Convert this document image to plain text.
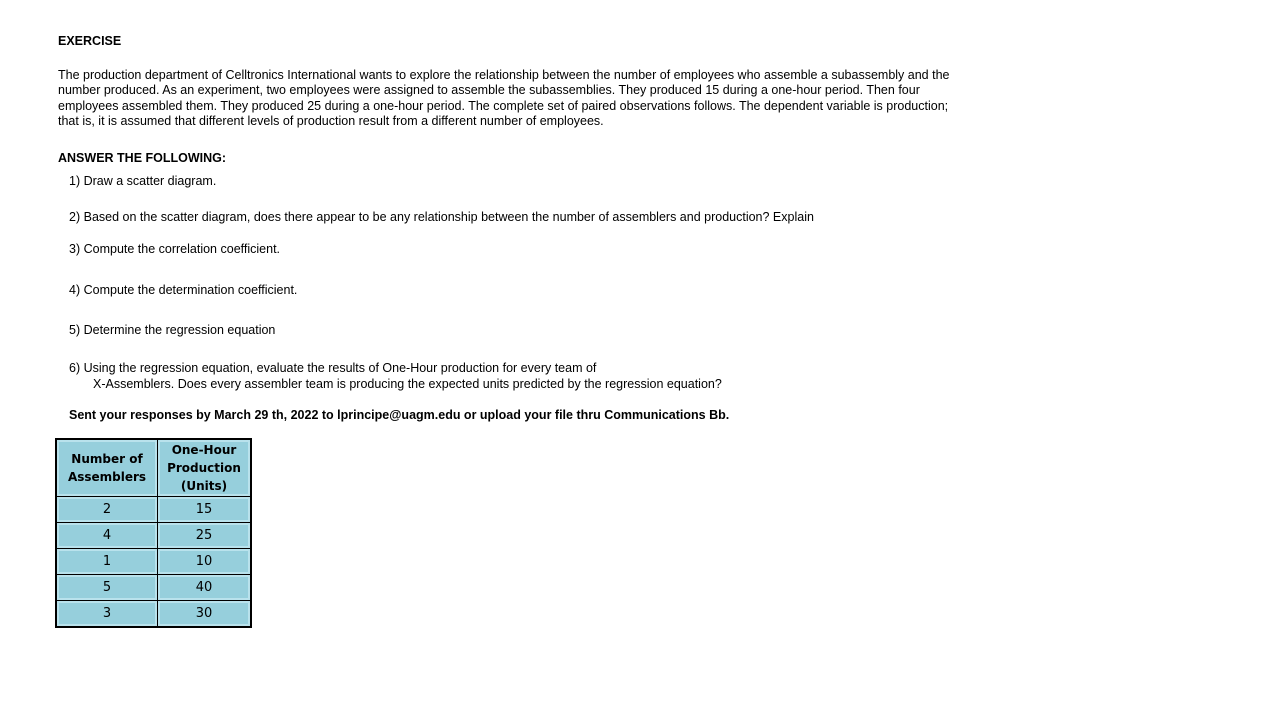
EXERCISE

The production department of Celltronics International wants to explore the relationship between the number of employees who assemble a subassembly and the number produced. As an experiment, two employees were assigned to assemble the subassemblies. They produced 15 during a one-hour period. Then four employees assembled them. They produced 25 during a one-hour period. The complete set of paired observations follows. The dependent variable is production; that is, it is assumed that different levels of production result from a different number of employees.

ANSWER THE FOLLOWING:

1) Draw a scatter diagram.

2) Based on the scatter diagram, does there appear to be any relationship between the number of assemblers and production? Explain

3) Compute the correlation coefficient.

4) Compute the determination coefficient.

5) Determine the regression equation

6) Using the regression equation, evaluate the results of One-Hour production for every team of
X-Assemblers. Does every assembler team is producing the expected units predicted by the regression equation?

Sent your responses by March 29 th, 2022 to lprincipe@uagm.edu or upload your file thru Communications Bb.

Number of Assemblers	One-Hour Production (Units)
2	15
4	25
1	10
5	40
3	30
